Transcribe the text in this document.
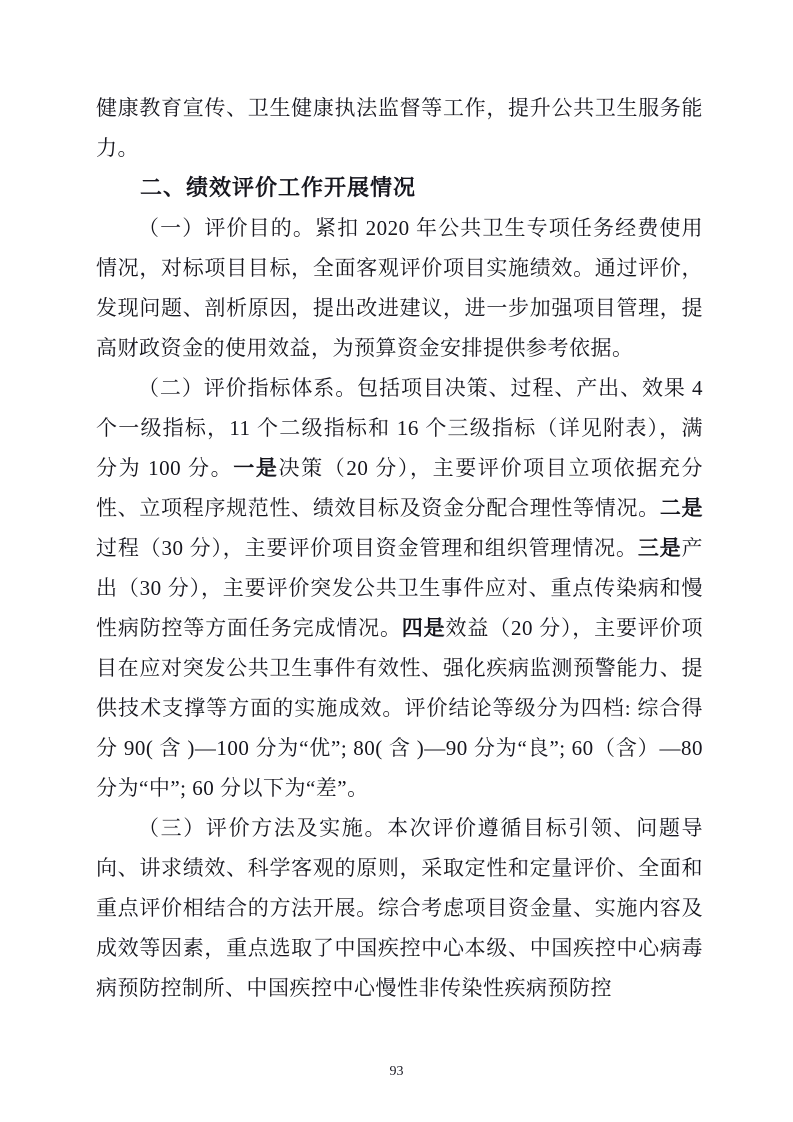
健康教育宣传、卫生健康执法监督等工作，提升公共卫生服务能力。

二、绩效评价工作开展情况

（一）评价目的。紧扣 2020 年公共卫生专项任务经费使用情况，对标项目目标，全面客观评价项目实施绩效。通过评价，发现问题、剖析原因，提出改进建议，进一步加强项目管理，提高财政资金的使用效益，为预算资金安排提供参考依据。

（二）评价指标体系。包括项目决策、过程、产出、效果 4 个一级指标，11 个二级指标和 16 个三级指标（详见附表），满分为 100 分。一是决策（20 分），主要评价项目立项依据充分性、立项程序规范性、绩效目标及资金分配合理性等情况。二是过程（30 分），主要评价项目资金管理和组织管理情况。三是产出（30 分），主要评价突发公共卫生事件应对、重点传染病和慢性病防控等方面任务完成情况。四是效益（20 分），主要评价项目在应对突发公共卫生事件有效性、强化疾病监测预警能力、提供技术支撑等方面的实施成效。评价结论等级分为四档: 综合得分 90( 含 )—100 分为“优”; 80( 含 )—90 分为“良”; 60（含）—80 分为“中”; 60 分以下为“差”。

（三）评价方法及实施。本次评价遵循目标引领、问题导向、讲求绩效、科学客观的原则，采取定性和定量评价、全面和重点评价相结合的方法开展。综合考虑项目资金量、实施内容及成效等因素，重点选取了中国疾控中心本级、中国疾控中心病毒病预防控制所、中国疾控中心慢性非传染性疾病预防控

93
